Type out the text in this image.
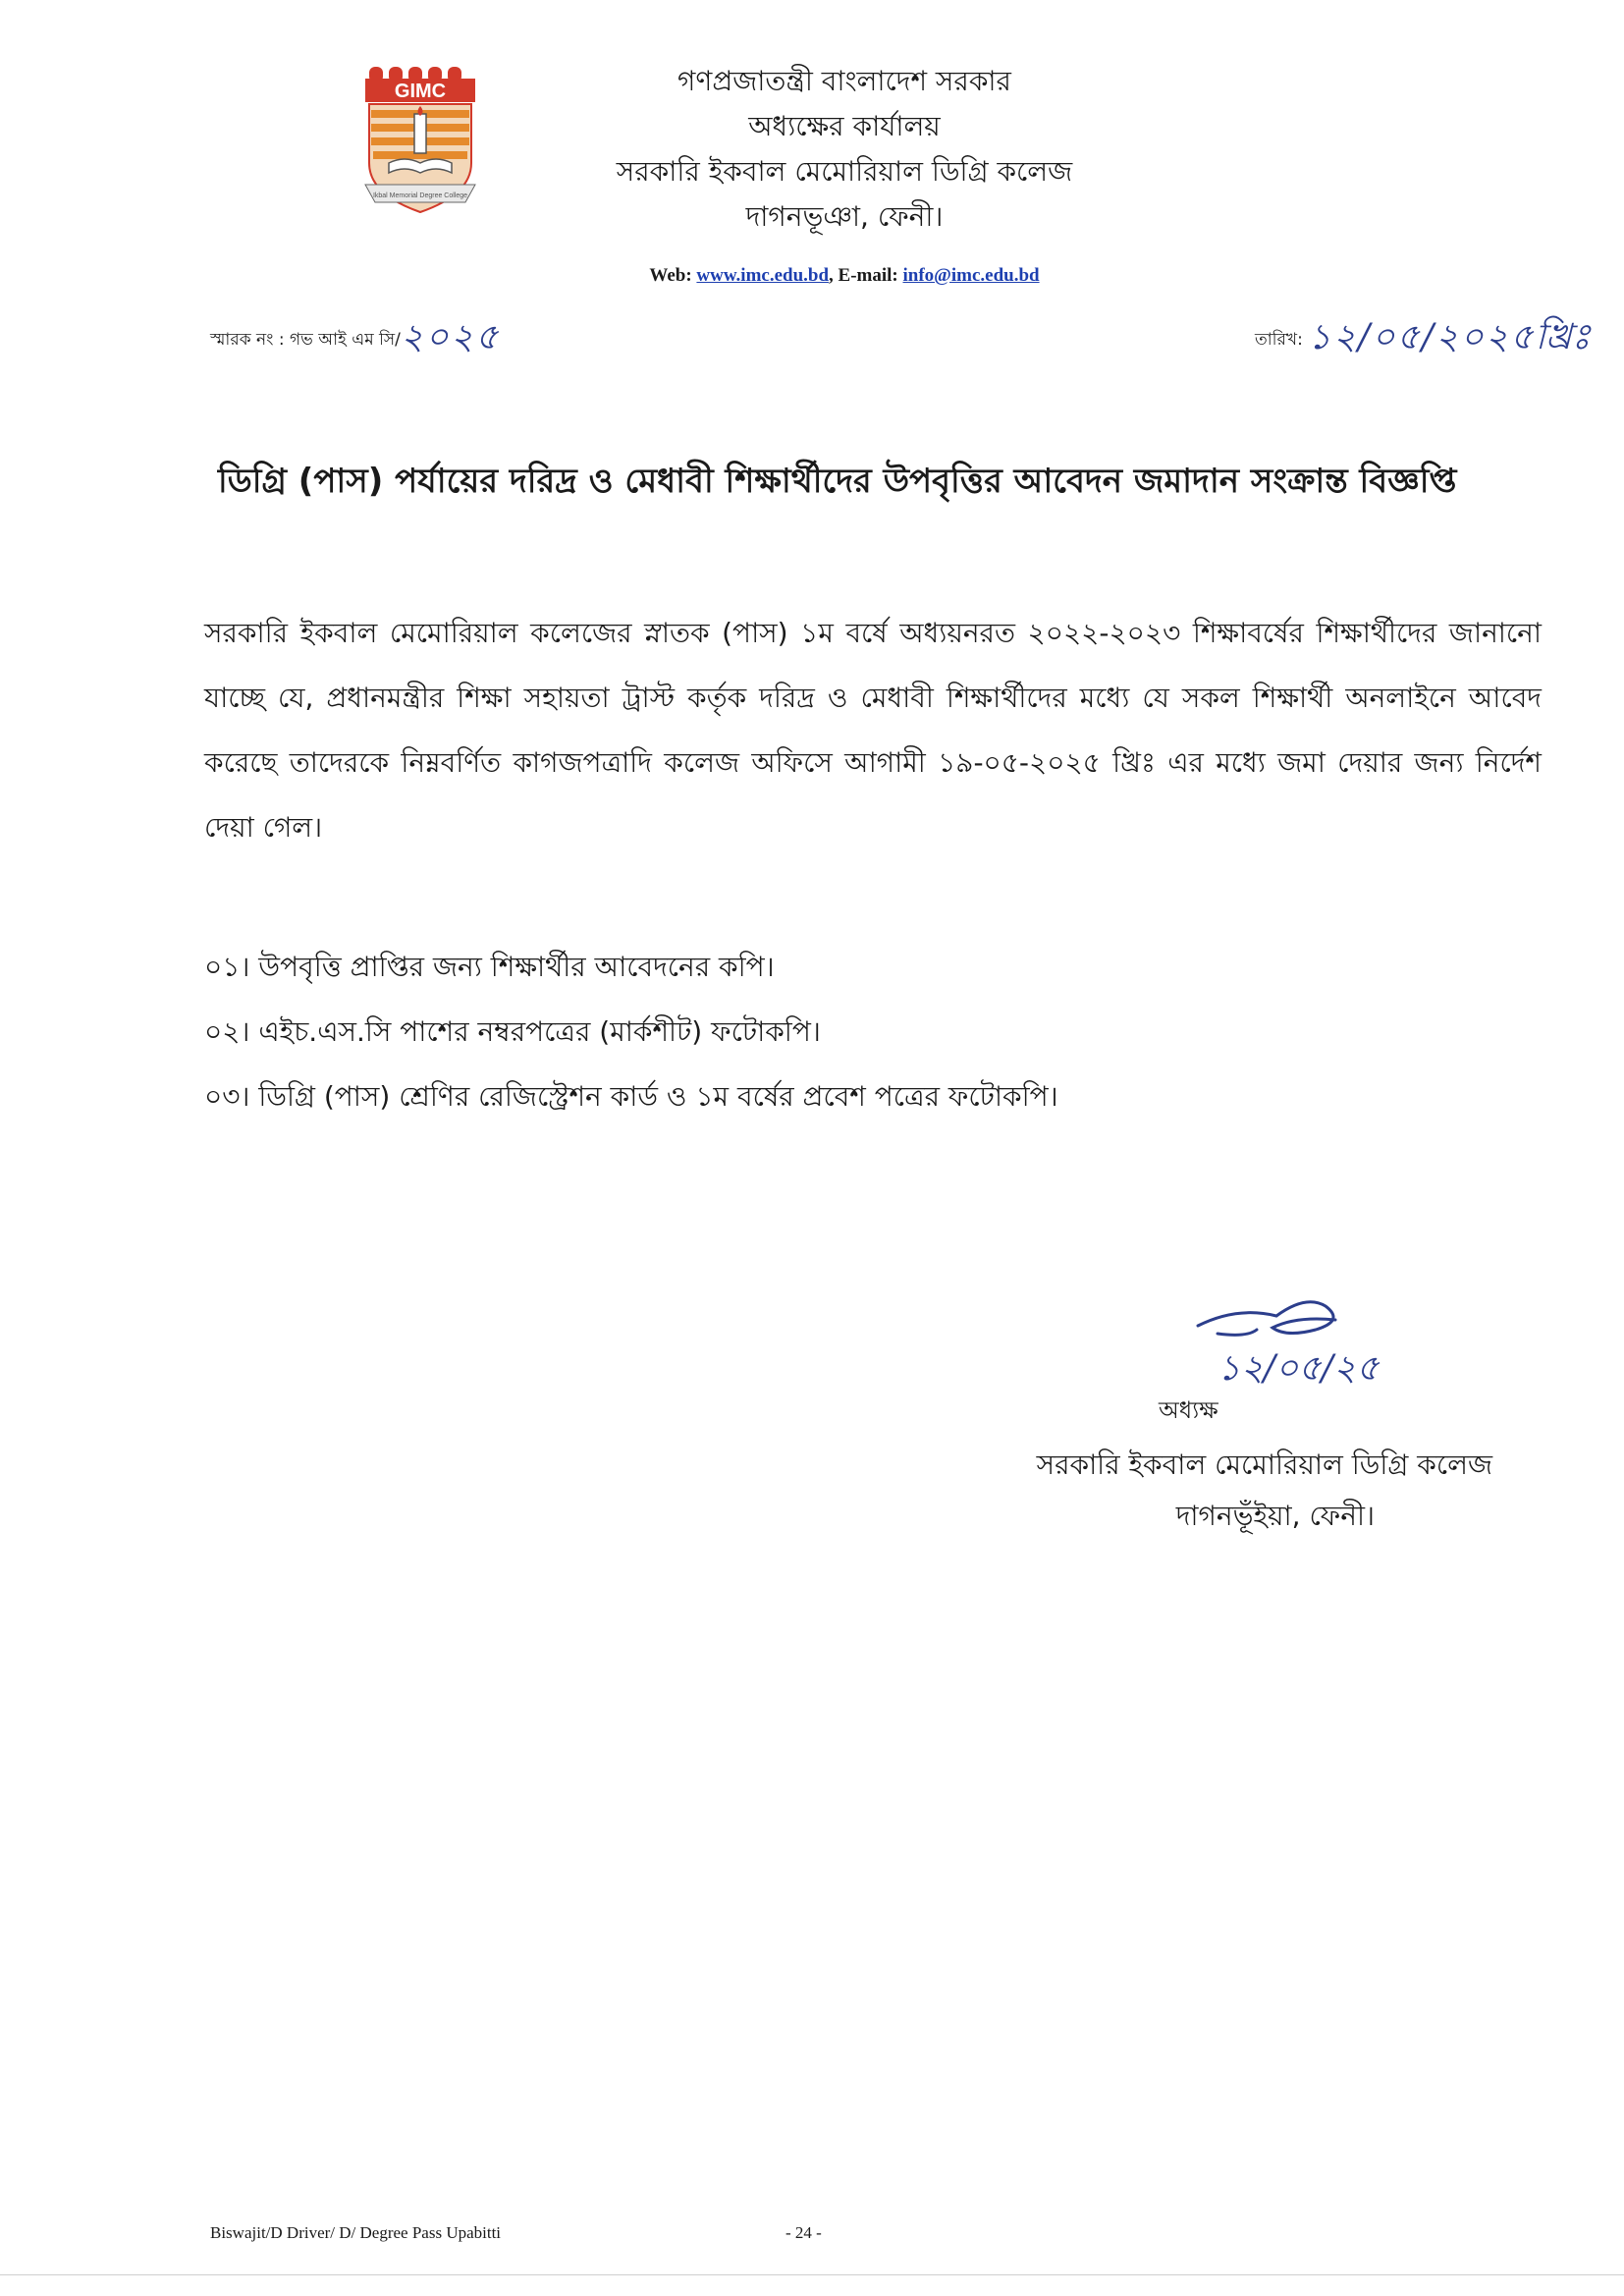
GIMC
Ikbal Memorial Degree College
গণপ্রজাতন্ত্রী বাংলাদেশ সরকার
অধ্যক্ষের কার্যালয়
সরকারি ইকবাল মেমোরিয়াল ডিগ্রি কলেজ
দাগনভূঞা, ফেনী।
Web: www.imc.edu.bd, E-mail: info@imc.edu.bd
স্মারক নং : গভ আই এম সি/২০২৫	তারিখ: ১২/০৫/২০২৫খ্রিঃ
ডিগ্রি (পাস) পর্যায়ের দরিদ্র ও মেধাবী শিক্ষার্থীদের উপবৃত্তির আবেদন জমাদান সংক্রান্ত বিজ্ঞপ্তি
সরকারি ইকবাল মেমোরিয়াল কলেজের স্নাতক (পাস) ১ম বর্ষে অধ্যয়নরত ২০২২-২০২৩ শিক্ষাবর্ষের শিক্ষার্থীদের জানানো যাচ্ছে যে, প্রধানমন্ত্রীর শিক্ষা সহায়তা ট্রাস্ট কর্তৃক দরিদ্র ও মেধাবী শিক্ষার্থীদের মধ্যে যে সকল শিক্ষার্থী অনলাইনে আবেদ করেছে তাদেরকে নিম্নবর্ণিত কাগজপত্রাদি কলেজ অফিসে আগামী ১৯-০৫-২০২৫ খ্রিঃ এর মধ্যে জমা দেয়ার জন্য নির্দেশ দেয়া গেল।
০১। উপবৃত্তি প্রাপ্তির জন্য শিক্ষার্থীর আবেদনের কপি।
০২। এইচ.এস.সি পাশের নম্বরপত্রের (মার্কশীট) ফটোকপি।
০৩। ডিগ্রি (পাস) শ্রেণির রেজিস্ট্রেশন কার্ড ও ১ম বর্ষের প্রবেশ পত্রের ফটোকপি।
১২/০৫/২৫
অধ্যক্ষ
সরকারি ইকবাল মেমোরিয়াল ডিগ্রি কলেজ
দাগনভূঁইয়া, ফেনী।
Biswajit/D Driver/ D/ Degree Pass Upabitti	- 24 -
